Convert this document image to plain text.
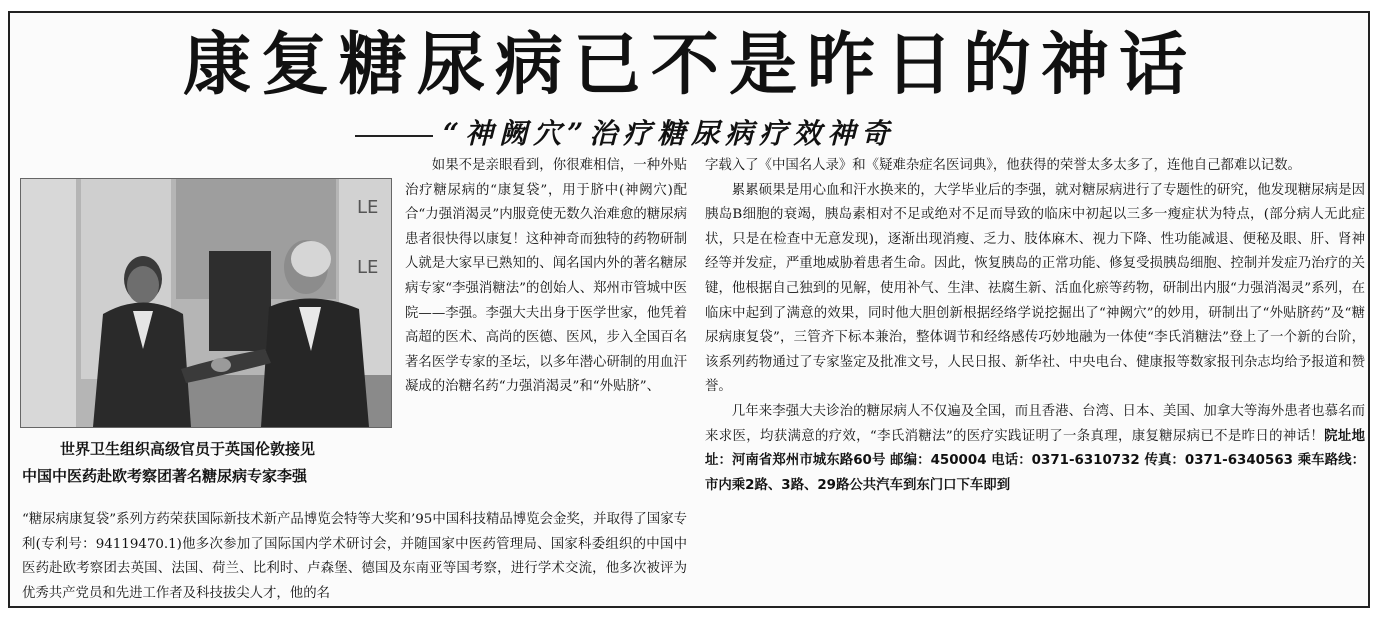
康复糖尿病已不是昨日的神话
“神阙穴”治疗糖尿病疗效神奇
LE
LE
世界卫生组织高级官员于英国伦敦接见
中国中医药赴欧考察团著名糖尿病专家李强

如果不是亲眼看到，你很难相信，一种外贴治疗糖尿病的“康复袋”，用于脐中(神阙穴)配合“力强消渴灵”内服竟使无数久治难愈的糖尿病患者很快得以康复！这种神奇而独特的药物研制人就是大家早已熟知的、闻名国内外的著名糖尿病专家“李强消糖法”的创始人、郑州市管城中医院——李强。李强大夫出身于医学世家，他凭着高超的医术、高尚的医德、医风，步入全国百名著名医学专家的圣坛，以多年潜心研制的用血汗凝成的治糖名药“力强消渴灵”和“外贴脐”、

“糖尿病康复袋”系列方药荣获国际新技术新产品博览会特等大奖和’95中国科技精品博览会金奖，并取得了国家专利(专利号：94119470.1)他多次参加了国际国内学术研讨会，并随国家中医药管理局、国家科委组织的中国中医药赴欧考察团去英国、法国、荷兰、比利时、卢森堡、德国及东南亚等国考察，进行学术交流，他多次被评为优秀共产党员和先进工作者及科技拔尖人才，他的名

字载入了《中国名人录》和《疑难杂症名医词典》，他获得的荣誉太多太多了，连他自己都难以记数。

累累硕果是用心血和汗水换来的，大学毕业后的李强，就对糖尿病进行了专题性的研究，他发现糖尿病是因胰岛B细胞的衰竭，胰岛素相对不足或绝对不足而导致的临床中初起以三多一瘦症状为特点，(部分病人无此症状，只是在检查中无意发现)，逐渐出现消瘦、乏力、肢体麻木、视力下降、性功能减退、便秘及眼、肝、肾神经等并发症，严重地威胁着患者生命。因此，恢复胰岛的正常功能、修复受损胰岛细胞、控制并发症乃治疗的关键，他根据自己独到的见解，使用补气、生津、祛腐生新、活血化瘀等药物，研制出内服“力强消渴灵”系列，在临床中起到了满意的效果，同时他大胆创新根据经络学说挖掘出了“神阙穴”的妙用，研制出了“外贴脐药”及“糖尿病康复袋”，三管齐下标本兼治，整体调节和经络感传巧妙地融为一体使“李氏消糖法”登上了一个新的台阶，该系列药物通过了专家鉴定及批准文号，人民日报、新华社、中央电台、健康报等数家报刊杂志均给予报道和赞誉。

几年来李强大夫诊治的糖尿病人不仅遍及全国，而且香港、台湾、日本、美国、加拿大等海外患者也慕名而来求医，均获满意的疗效，“李氏消糖法”的医疗实践证明了一条真理，康复糖尿病已不是昨日的神话！院址地址：河南省郑州市城东路60号 邮编：450004 电话：0371-6310732 传真：0371-6340563 乘车路线：市内乘2路、3路、29路公共汽车到东门口下车即到
